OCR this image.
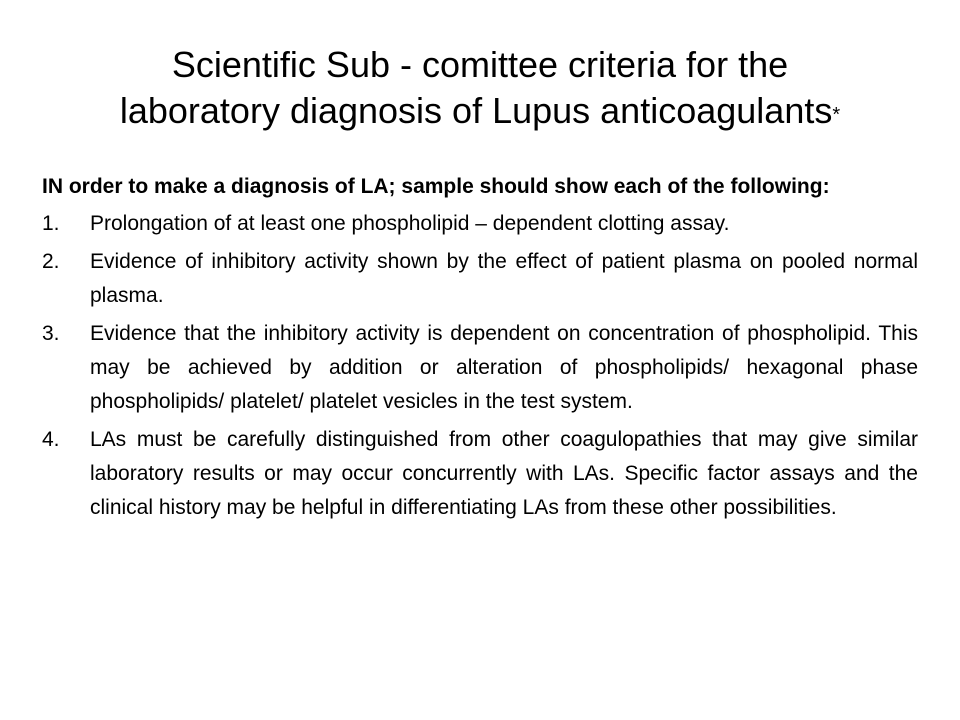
Scientific Sub - comittee criteria for the
laboratory diagnosis of Lupus anticoagulants*

IN order to make a diagnosis of LA; sample should show each of the following:

1. Prolongation of at least one phospholipid – dependent clotting assay.
2. Evidence of inhibitory activity shown by the effect of patient plasma on pooled normal plasma.
3. Evidence that the inhibitory activity is dependent on concentration of phospholipid. This may be achieved by addition or alteration of phospholipids/ hexagonal phase phospholipids/ platelet/ platelet vesicles in the test system.
4. LAs must be carefully distinguished from other coagulopathies that may give similar laboratory results or may occur concurrently with LAs. Specific factor assays and the clinical history may be helpful in differentiating LAs from these other possibilities.
